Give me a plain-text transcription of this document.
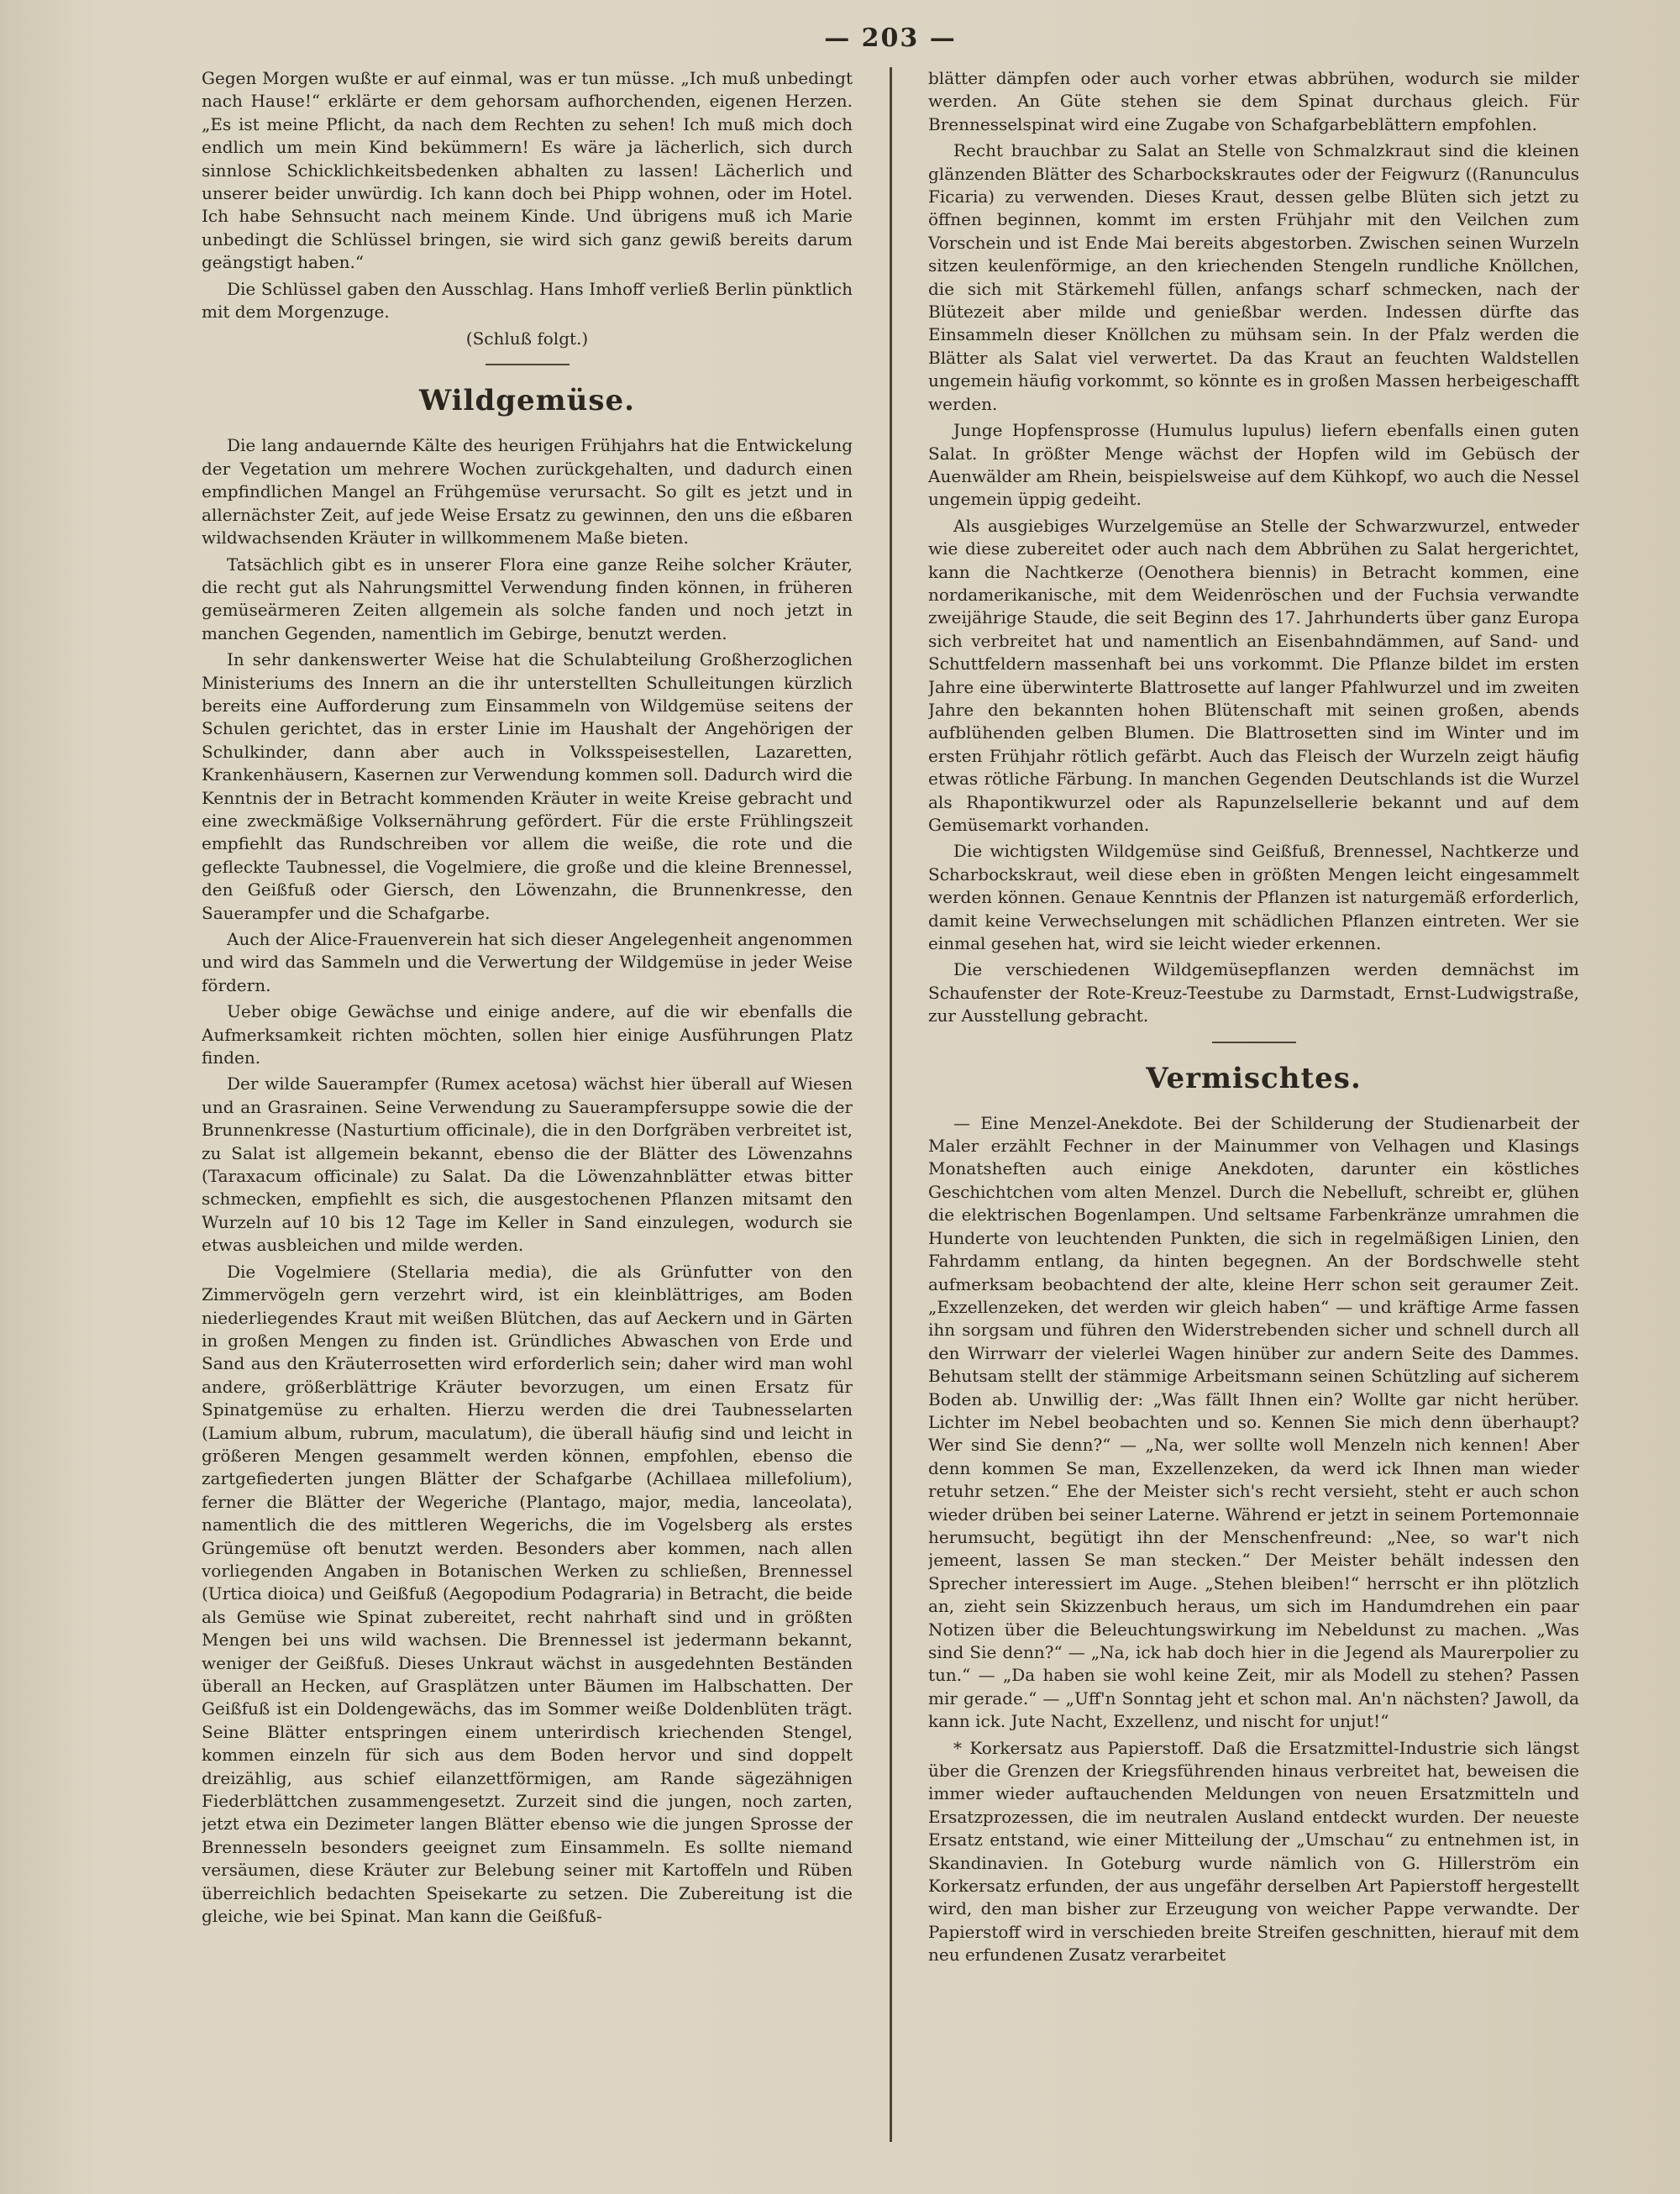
— 203 —

Gegen Morgen wußte er auf einmal, was er tun müsse. „Ich muß unbedingt nach Hause!“ erklärte er dem gehorsam aufhorchenden, eigenen Herzen. „Es ist meine Pflicht, da nach dem Rechten zu sehen! Ich muß mich doch endlich um mein Kind bekümmern! Es wäre ja lächerlich, sich durch sinnlose Schicklichkeitsbedenken abhalten zu lassen! Lächerlich und unserer beider unwürdig. Ich kann doch bei Phipp wohnen, oder im Hotel. Ich habe Sehnsucht nach meinem Kinde. Und übrigens muß ich Marie unbedingt die Schlüssel bringen, sie wird sich ganz gewiß bereits darum geängstigt haben.“

Die Schlüssel gaben den Ausschlag. Hans Imhoff verließ Berlin pünktlich mit dem Morgenzuge.

(Schluß folgt.)
Wildgemüse.

Die lang andauernde Kälte des heurigen Frühjahrs hat die Entwickelung der Vegetation um mehrere Wochen zurückgehalten, und dadurch einen empfindlichen Mangel an Frühgemüse verursacht. So gilt es jetzt und in allernächster Zeit, auf jede Weise Ersatz zu gewinnen, den uns die eßbaren wildwachsenden Kräuter in willkommenem Maße bieten.

Tatsächlich gibt es in unserer Flora eine ganze Reihe solcher Kräuter, die recht gut als Nahrungsmittel Verwendung finden können, in früheren gemüseärmeren Zeiten allgemein als solche fanden und noch jetzt in manchen Gegenden, namentlich im Gebirge, benutzt werden.

In sehr dankenswerter Weise hat die Schulabteilung Großherzoglichen Ministeriums des Innern an die ihr unterstellten Schulleitungen kürzlich bereits eine Aufforderung zum Einsammeln von Wildgemüse seitens der Schulen gerichtet, das in erster Linie im Haushalt der Angehörigen der Schulkinder, dann aber auch in Volksspeisestellen, Lazaretten, Krankenhäusern, Kasernen zur Verwendung kommen soll. Dadurch wird die Kenntnis der in Betracht kommenden Kräuter in weite Kreise gebracht und eine zweckmäßige Volksernährung gefördert. Für die erste Frühlingszeit empfiehlt das Rundschreiben vor allem die weiße, die rote und die gefleckte Taubnessel, die Vogelmiere, die große und die kleine Brennessel, den Geißfuß oder Giersch, den Löwenzahn, die Brunnenkresse, den Sauerampfer und die Schafgarbe.

Auch der Alice-Frauenverein hat sich dieser Angelegenheit angenommen und wird das Sammeln und die Verwertung der Wildgemüse in jeder Weise fördern.

Ueber obige Gewächse und einige andere, auf die wir ebenfalls die Aufmerksamkeit richten möchten, sollen hier einige Ausführungen Platz finden.

Der wilde Sauerampfer (Rumex acetosa) wächst hier überall auf Wiesen und an Grasrainen. Seine Verwendung zu Sauerampfersuppe sowie die der Brunnenkresse (Nasturtium officinale), die in den Dorfgräben verbreitet ist, zu Salat ist allgemein bekannt, ebenso die der Blätter des Löwenzahns (Taraxacum officinale) zu Salat. Da die Löwenzahnblätter etwas bitter schmecken, empfiehlt es sich, die ausgestochenen Pflanzen mitsamt den Wurzeln auf 10 bis 12 Tage im Keller in Sand einzulegen, wodurch sie etwas ausbleichen und milde werden.

Die Vogelmiere (Stellaria media), die als Grünfutter von den Zimmervögeln gern verzehrt wird, ist ein kleinblättriges, am Boden niederliegendes Kraut mit weißen Blütchen, das auf Aeckern und in Gärten in großen Mengen zu finden ist. Gründliches Abwaschen von Erde und Sand aus den Kräuterrosetten wird erforderlich sein; daher wird man wohl andere, größerblättrige Kräuter bevorzugen, um einen Ersatz für Spinatgemüse zu erhalten. Hierzu werden die drei Taubnesselarten (Lamium album, rubrum, maculatum), die überall häufig sind und leicht in größeren Mengen gesammelt werden können, empfohlen, ebenso die zartgefiederten jungen Blätter der Schafgarbe (Achillaea millefolium), ferner die Blätter der Wegeriche (Plantago, major, media, lanceolata), namentlich die des mittleren Wegerichs, die im Vogelsberg als erstes Grüngemüse oft benutzt werden. Besonders aber kommen, nach allen vorliegenden Angaben in Botanischen Werken zu schließen, Brennessel (Urtica dioica) und Geißfuß (Aegopodium Podagraria) in Betracht, die beide als Gemüse wie Spinat zubereitet, recht nahrhaft sind und in größten Mengen bei uns wild wachsen. Die Brennessel ist jedermann bekannt, weniger der Geißfuß. Dieses Unkraut wächst in ausgedehnten Beständen überall an Hecken, auf Grasplätzen unter Bäumen im Halbschatten. Der Geißfuß ist ein Doldengewächs, das im Sommer weiße Doldenblüten trägt. Seine Blätter entspringen einem unterirdisch kriechenden Stengel, kommen einzeln für sich aus dem Boden hervor und sind doppelt dreizählig, aus schief eilanzettförmigen, am Rande sägezähnigen Fiederblättchen zusammengesetzt. Zurzeit sind die jungen, noch zarten, jetzt etwa ein Dezimeter langen Blätter ebenso wie die jungen Sprosse der Brennesseln besonders geeignet zum Einsammeln. Es sollte niemand versäumen, diese Kräuter zur Belebung seiner mit Kartoffeln und Rüben überreichlich bedachten Speisekarte zu setzen. Die Zubereitung ist die gleiche, wie bei Spinat. Man kann die Geißfuß-

blätter dämpfen oder auch vorher etwas abbrühen, wodurch sie milder werden. An Güte stehen sie dem Spinat durchaus gleich. Für Brennesselspinat wird eine Zugabe von Schafgarbeblättern empfohlen.

Recht brauchbar zu Salat an Stelle von Schmalzkraut sind die kleinen glänzenden Blätter des Scharbockskrautes oder der Feigwurz ((Ranunculus Ficaria) zu verwenden. Dieses Kraut, dessen gelbe Blüten sich jetzt zu öffnen beginnen, kommt im ersten Frühjahr mit den Veilchen zum Vorschein und ist Ende Mai bereits abgestorben. Zwischen seinen Wurzeln sitzen keulenförmige, an den kriechenden Stengeln rundliche Knöllchen, die sich mit Stärkemehl füllen, anfangs scharf schmecken, nach der Blütezeit aber milde und genießbar werden. Indessen dürfte das Einsammeln dieser Knöllchen zu mühsam sein. In der Pfalz werden die Blätter als Salat viel verwertet. Da das Kraut an feuchten Waldstellen ungemein häufig vorkommt, so könnte es in großen Massen herbeigeschafft werden.

Junge Hopfensprosse (Humulus lupulus) liefern ebenfalls einen guten Salat. In größter Menge wächst der Hopfen wild im Gebüsch der Auenwälder am Rhein, beispielsweise auf dem Kühkopf, wo auch die Nessel ungemein üppig gedeiht.

Als ausgiebiges Wurzelgemüse an Stelle der Schwarzwurzel, entweder wie diese zubereitet oder auch nach dem Abbrühen zu Salat hergerichtet, kann die Nachtkerze (Oenothera biennis) in Betracht kommen, eine nordamerikanische, mit dem Weidenröschen und der Fuchsia verwandte zweijährige Staude, die seit Beginn des 17. Jahrhunderts über ganz Europa sich verbreitet hat und namentlich an Eisenbahndämmen, auf Sand- und Schuttfeldern massenhaft bei uns vorkommt. Die Pflanze bildet im ersten Jahre eine überwinterte Blattrosette auf langer Pfahlwurzel und im zweiten Jahre den bekannten hohen Blütenschaft mit seinen großen, abends aufblühenden gelben Blumen. Die Blattrosetten sind im Winter und im ersten Frühjahr rötlich gefärbt. Auch das Fleisch der Wurzeln zeigt häufig etwas rötliche Färbung. In manchen Gegenden Deutschlands ist die Wurzel als Rhapontikwurzel oder als Rapunzelsellerie bekannt und auf dem Gemüsemarkt vorhanden.

Die wichtigsten Wildgemüse sind Geißfuß, Brennessel, Nachtkerze und Scharbockskraut, weil diese eben in größten Mengen leicht eingesammelt werden können. Genaue Kenntnis der Pflanzen ist naturgemäß erforderlich, damit keine Verwechselungen mit schädlichen Pflanzen eintreten. Wer sie einmal gesehen hat, wird sie leicht wieder erkennen.

Die verschiedenen Wildgemüsepflanzen werden demnächst im Schaufenster der Rote-Kreuz-Teestube zu Darmstadt, Ernst-Ludwigstraße, zur Ausstellung gebracht.

Vermischtes.

— Eine Menzel-Anekdote. Bei der Schilderung der Studienarbeit der Maler erzählt Fechner in der Mainummer von Velhagen und Klasings Monatsheften auch einige Anekdoten, darunter ein köstliches Geschichtchen vom alten Menzel. Durch die Nebelluft, schreibt er, glühen die elektrischen Bogenlampen. Und seltsame Farbenkränze umrahmen die Hunderte von leuchtenden Punkten, die sich in regelmäßigen Linien, den Fahrdamm entlang, da hinten begegnen. An der Bordschwelle steht aufmerksam beobachtend der alte, kleine Herr schon seit geraumer Zeit. „Exzellenzeken, det werden wir gleich haben“ — und kräftige Arme fassen ihn sorgsam und führen den Widerstrebenden sicher und schnell durch all den Wirrwarr der vielerlei Wagen hinüber zur andern Seite des Dammes. Behutsam stellt der stämmige Arbeitsmann seinen Schützling auf sicherem Boden ab. Unwillig der: „Was fällt Ihnen ein? Wollte gar nicht herüber. Lichter im Nebel beobachten und so. Kennen Sie mich denn überhaupt? Wer sind Sie denn?“ — „Na, wer sollte woll Menzeln nich kennen! Aber denn kommen Se man, Exzellenzeken, da werd ick Ihnen man wieder retuhr setzen.“ Ehe der Meister sich's recht versieht, steht er auch schon wieder drüben bei seiner Laterne. Während er jetzt in seinem Portemonnaie herumsucht, begütigt ihn der Menschenfreund: „Nee, so war't nich jemeent, lassen Se man stecken.“ Der Meister behält indessen den Sprecher interessiert im Auge. „Stehen bleiben!“ herrscht er ihn plötzlich an, zieht sein Skizzenbuch heraus, um sich im Handumdrehen ein paar Notizen über die Beleuchtungswirkung im Nebeldunst zu machen. „Was sind Sie denn?“ — „Na, ick hab doch hier in die Jegend als Maurerpolier zu tun.“ — „Da haben sie wohl keine Zeit, mir als Modell zu stehen? Passen mir gerade.“ — „Uff'n Sonntag jeht et schon mal. An'n nächsten? Jawoll, da kann ick. Jute Nacht, Exzellenz, und nischt for unjut!“

* Korkersatz aus Papierstoff. Daß die Ersatzmittel-Industrie sich längst über die Grenzen der Kriegsführenden hinaus verbreitet hat, beweisen die immer wieder auftauchenden Meldungen von neuen Ersatzmitteln und Ersatzprozessen, die im neutralen Ausland entdeckt wurden. Der neueste Ersatz entstand, wie einer Mitteilung der „Umschau“ zu entnehmen ist, in Skandinavien. In Goteburg wurde nämlich von G. Hillerström ein Korkersatz erfunden, der aus ungefähr derselben Art Papierstoff hergestellt wird, den man bisher zur Erzeugung von weicher Pappe verwandte. Der Papierstoff wird in verschieden breite Streifen geschnitten, hierauf mit dem neu erfundenen Zusatz verarbeitet
